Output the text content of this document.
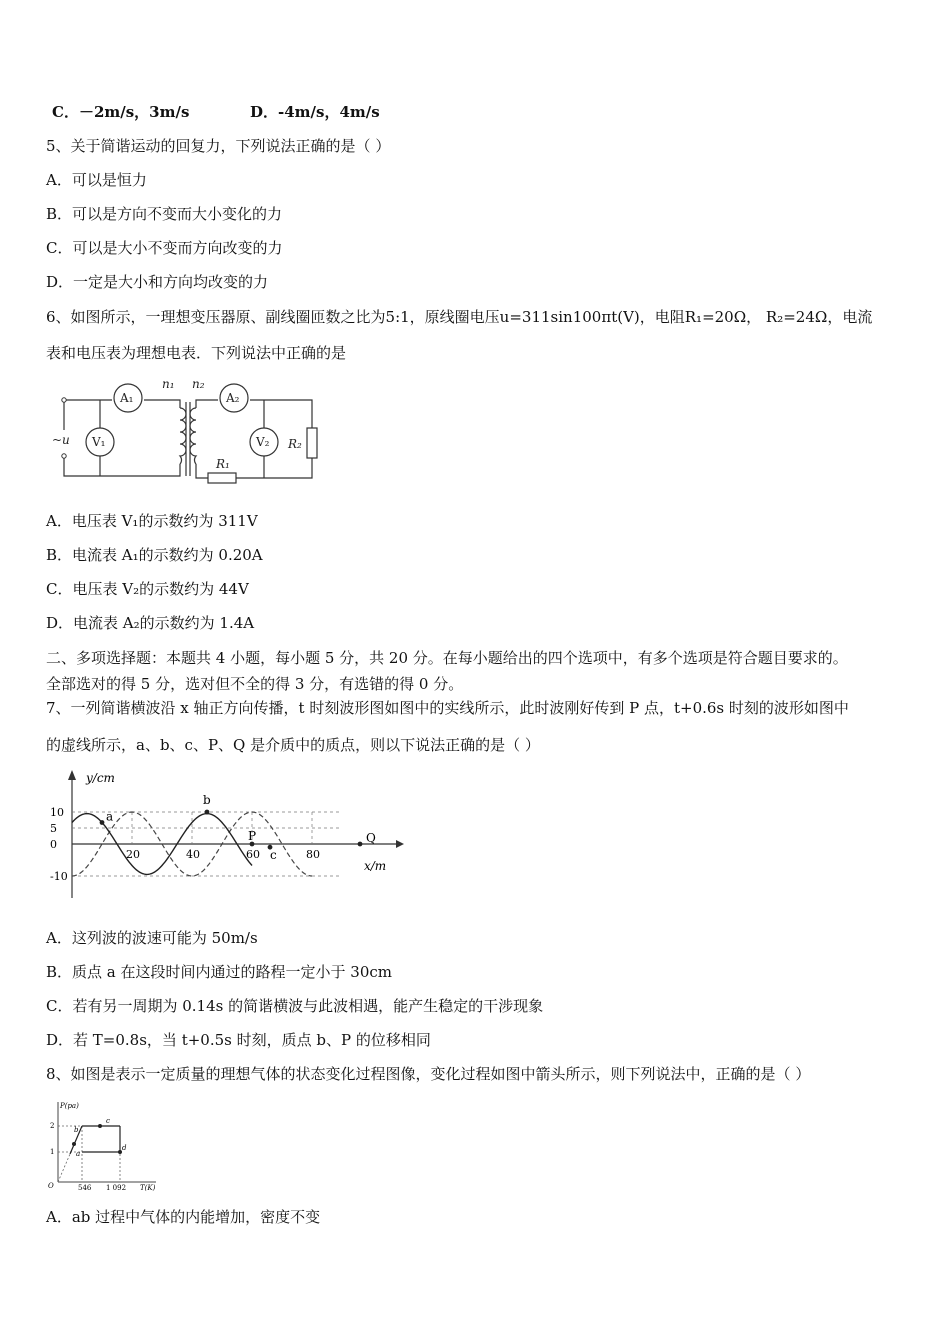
C．－2m/s，3m/s	D．-4m/s，4m/s
5、关于简谐运动的回复力，下列说法正确的是（ ）
A．可以是恒力
B．可以是方向不变而大小变化的力
C．可以是大小不变而方向改变的力
D．一定是大小和方向均改变的力
6、如图所示，一理想变压器原、副线圈匝数之比为5:1，原线圈电压u=311sin100πt(V)，电阻R₁=20Ω， R₂=24Ω，电流
表和电压表为理想电表．下列说法中正确的是
A₁	A₂
V₁	V₂
n₁ n₂
~u
R₁
R₂
A．电压表 V₁的示数约为 311V
B．电流表 A₁的示数约为 0.20A
C．电压表 V₂的示数约为 44V
D．电流表 A₂的示数约为 1.4A
二、多项选择题：本题共 4 小题，每小题 5 分，共 20 分。在每小题给出的四个选项中，有多个选项是符合题目要求的。
全部选对的得 5 分，选对但不全的得 3 分，有选错的得 0 分。
7、一列简谐横波沿 x 轴正方向传播，t 时刻波形图如图中的实线所示，此时波刚好传到 P 点，t+0.6s 时刻的波形如图中
的虚线所示，a、b、c、P、Q 是介质中的质点，则以下说法正确的是（ ）
y/cm
x/m
10
5
0
-10
20	40	60	80
a
b
P
c
Q
A．这列波的波速可能为 50m/s
B．质点 a 在这段时间内通过的路程一定小于 30cm
C．若有另一周期为 0.14s 的简谐横波与此波相遇，能产生稳定的干涉现象
D．若 T=0.8s，当 t+0.5s 时刻，质点 b、P 的位移相同
8、如图是表示一定质量的理想气体的状态变化过程图像，变化过程如图中箭头所示，则下列说法中，正确的是（ ）
P(pa)
T(K)
2
1
546 1 092
O
a
b
c
d
A．ab 过程中气体的内能增加，密度不变
